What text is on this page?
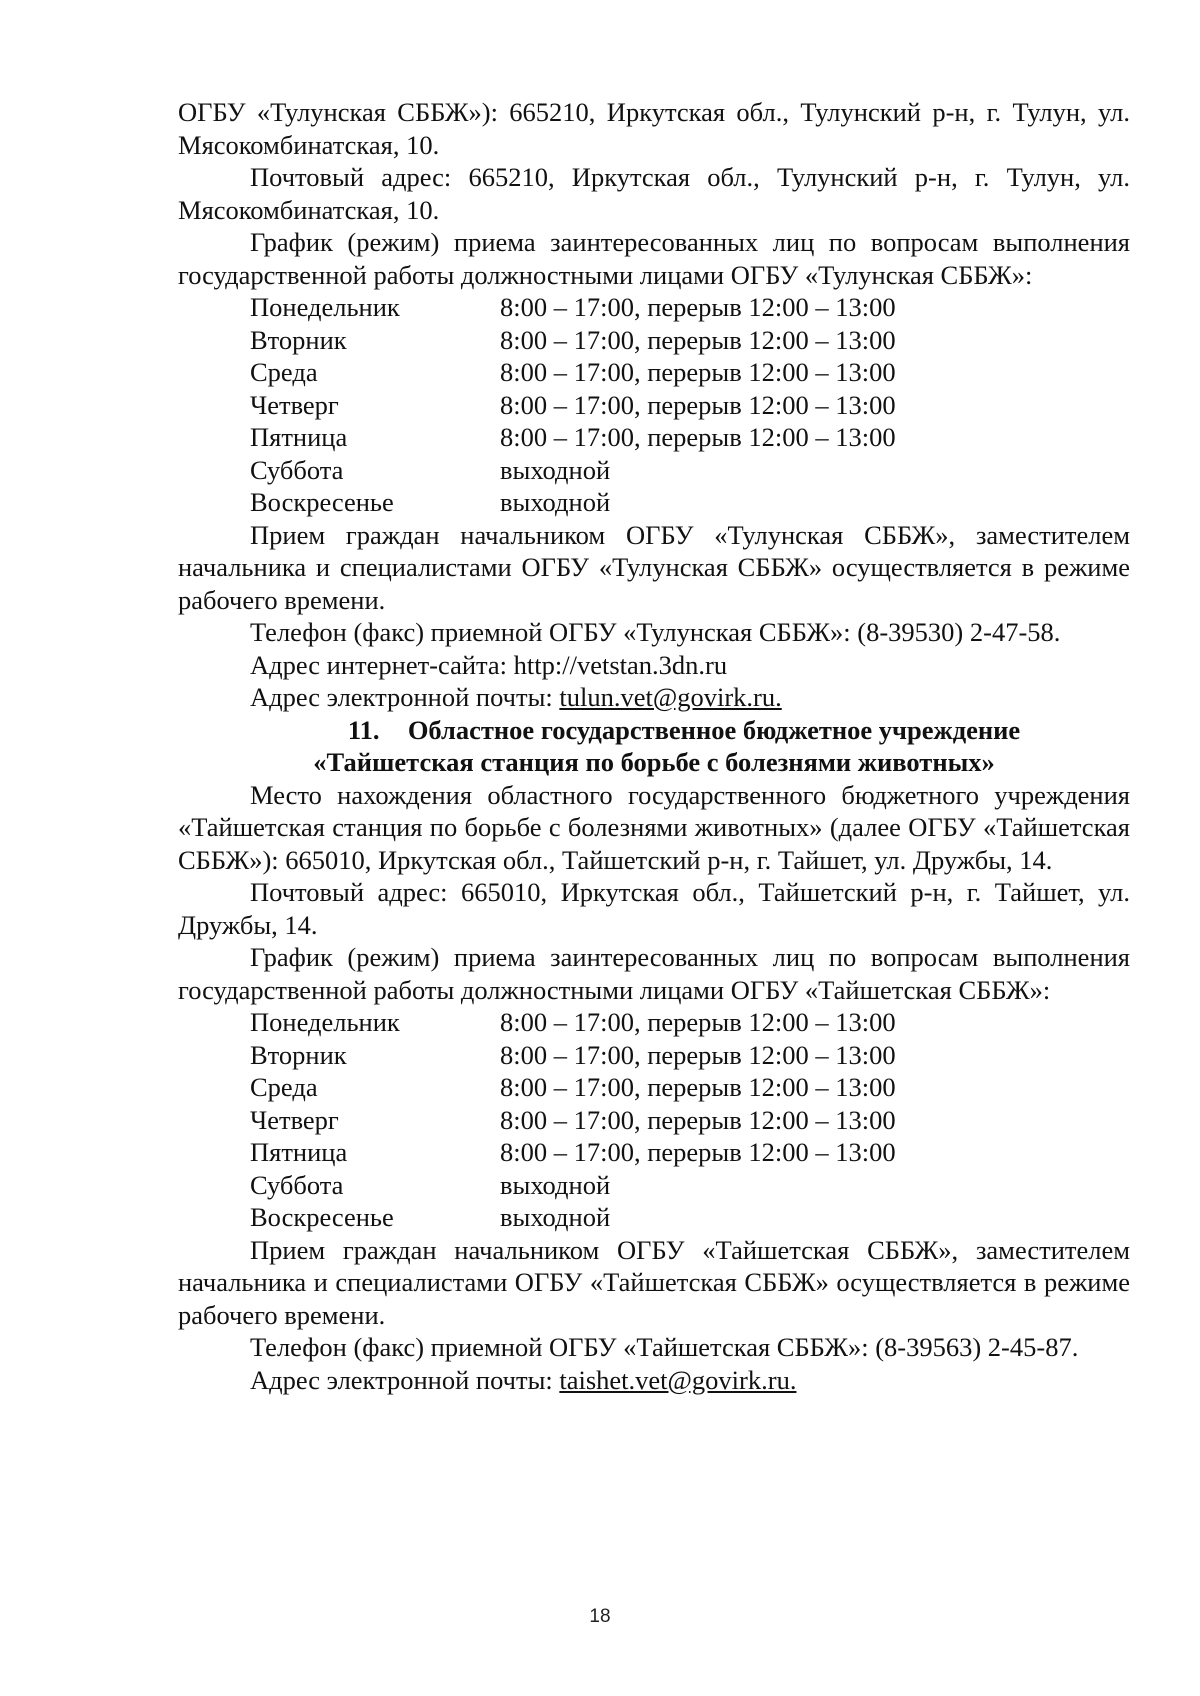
ОГБУ «Тулунская СББЖ»): 665210, Иркутская обл., Тулунский р-н, г. Тулун, ул. Мясокомбинатская, 10.

Почтовый адрес: 665210, Иркутская обл., Тулунский р-н, г. Тулун, ул. Мясокомбинатская, 10.

График (режим) приема заинтересованных лиц по вопросам выполнения государственной работы должностными лицами ОГБУ «Тулунская СББЖ»:

Понедельник	8:00 – 17:00, перерыв 12:00 – 13:00
Вторник	8:00 – 17:00, перерыв 12:00 – 13:00
Среда	8:00 – 17:00, перерыв 12:00 – 13:00
Четверг	8:00 – 17:00, перерыв 12:00 – 13:00
Пятница	8:00 – 17:00, перерыв 12:00 – 13:00
Суббота	выходной
Воскресенье	выходной

Прием граждан начальником ОГБУ «Тулунская СББЖ», заместителем начальника и специалистами ОГБУ «Тулунская СББЖ» осуществляется в режиме рабочего времени.

Телефон (факс) приемной ОГБУ «Тулунская СББЖ»: (8-39530) 2-47-58.

Адрес интернет-сайта: http://vetstan.3dn.ru

Адрес электронной почты: tulun.vet@govirk.ru.

11. Областное государственное бюджетное учреждение

«Тайшетская станция по борьбе с болезнями животных»

Место нахождения областного государственного бюджетного учреждения «Тайшетская станция по борьбе с болезнями животных» (далее ОГБУ «Тайшетская СББЖ»): 665010, Иркутская обл., Тайшетский р-н, г. Тайшет, ул. Дружбы, 14.

Почтовый адрес: 665010, Иркутская обл., Тайшетский р-н, г. Тайшет, ул. Дружбы, 14.

График (режим) приема заинтересованных лиц по вопросам выполнения государственной работы должностными лицами ОГБУ «Тайшетская СББЖ»:

Понедельник	8:00 – 17:00, перерыв 12:00 – 13:00
Вторник	8:00 – 17:00, перерыв 12:00 – 13:00
Среда	8:00 – 17:00, перерыв 12:00 – 13:00
Четверг	8:00 – 17:00, перерыв 12:00 – 13:00
Пятница	8:00 – 17:00, перерыв 12:00 – 13:00
Суббота	выходной
Воскресенье	выходной

Прием граждан начальником ОГБУ «Тайшетская СББЖ», заместителем начальника и специалистами ОГБУ «Тайшетская СББЖ» осуществляется в режиме рабочего времени.

Телефон (факс) приемной ОГБУ «Тайшетская СББЖ»: (8-39563) 2-45-87.

Адрес электронной почты: taishet.vet@govirk.ru.

18
